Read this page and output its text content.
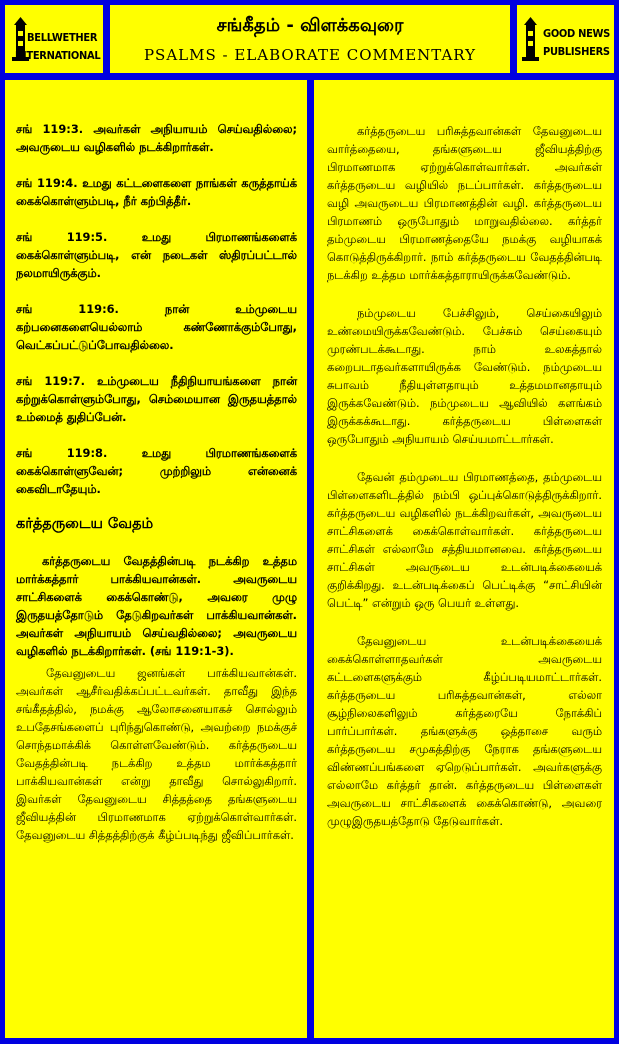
BELLWETHER
INTERNATIONAL
சங்கீதம் - விளக்கவுரை
PSALMS - ELABORATE COMMENTARY
GOOD NEWS
PUBLISHERS

சங் 119:3. அவர்கள் அநியாயம் செய்வதில்லை; அவருடைய வழிகளில் நடக்கிறார்கள்.

சங் 119:4. உமது கட்டளைகளை நாங்கள் கருத்தாய்க் கைக்கொள்ளும்படி, நீர் கற்பித்தீர்.

சங் 119:5. உமது பிரமாணங்களைக் கைக்கொள்ளும்படி, என் நடைகள் ஸ்திரப்பட்டால் நலமாயிருக்கும்.

சங் 119:6. நான் உம்முடைய கற்பனைகளையெல்லாம் கண்ணோக்கும்போது, வெட்கப்பட்டுப்போவதில்லை.

சங் 119:7. உம்முடைய நீதிநியாயங்களை நான் கற்றுக்கொள்ளும்போது, செம்மையான இருதயத்தால் உம்மைத் துதிப்பேன்.

சங் 119:8. உமது பிரமாணங்களைக் கைக்கொள்ளுவேன்; முற்றிலும் என்னைக் கைவிடாதேயும்.

கர்த்தருடைய வேதம்

கர்த்தருடைய வேதத்தின்படி நடக்கிற உத்தம மார்க்கத்தார் பாக்கியவான்கள். அவருடைய சாட்சிகளைக் கைக்கொண்டு, அவரை முழு இருதயத்தோடும் தேடுகிறவர்கள் பாக்கியவான்கள். அவர்கள் அநியாயம் செய்வதில்லை; அவருடைய வழிகளில் நடக்கிறார்கள். (சங் 119:1-3).

தேவனுடைய ஜனங்கள் பாக்கியவான்கள். அவர்கள் ஆசீர்வதிக்கப்பட்டவர்கள். தாவீது இந்த சங்கீதத்தில், நமக்கு ஆலோசனையாகச் சொல்லும் உபதேசங்களைப் புரிந்துகொண்டு, அவற்றை நமக்குச் சொந்தமாக்கிக் கொள்ளவேண்டும். கர்த்தருடைய வேதத்தின்படி நடக்கிற உத்தம மார்க்கத்தார் பாக்கியவான்கள் என்று தாவீது சொல்லுகிறார். இவர்கள் தேவனுடைய சித்தத்தை தங்களுடைய ஜீவியத்தின் பிரமாணமாக ஏற்றுக்கொள்வார்கள். தேவனுடைய சித்தத்திற்குக் கீழ்ப்படிந்து ஜீவிப்பார்கள்.

கர்த்தருடைய பரிசுத்தவான்கள் தேவனுடைய வார்த்தையை, தங்களுடைய ஜீவியத்திற்கு பிரமாணமாக ஏற்றுக்கொள்வார்கள். அவர்கள் கர்த்தருடைய வழியில் நடப்பார்கள். கர்த்தருடைய வழி அவருடைய பிரமாணத்தின் வழி. கர்த்தருடைய பிரமாணம் ஒருபோதும் மாறுவதில்லை. கர்த்தர் தம்முடைய பிரமாணத்தையே நமக்கு வழியாகக் கொடுத்திருக்கிறார். நாம் கர்த்தருடைய வேதத்தின்படி நடக்கிற உத்தம மார்க்கத்தாராயிருக்கவேண்டும்.

நம்முடைய பேச்சிலும், செய்கையிலும் உண்மையிருக்கவேண்டும். பேச்சும் செய்கையும் முரண்படக்கூடாது. நாம் உலகத்தால் கறைபடாதவர்களாயிருக்க வேண்டும். நம்முடைய சுபாவம் நீதியுள்ளதாயும் உத்தமமானதாயும் இருக்கவேண்டும். நம்முடைய ஆவியில் களங்கம் இருக்கக்கூடாது. கர்த்தருடைய பிள்ளைகள் ஒருபோதும் அநியாயம் செய்யமாட்டார்கள்.

தேவன் தம்முடைய பிரமாணத்தை, தம்முடைய பிள்ளைகளிடத்தில் நம்பி ஒப்புக்கொடுத்திருக்கிறார். கர்த்தருடைய வழிகளில் நடக்கிறவர்கள், அவருடைய சாட்சிகளைக் கைக்கொள்வார்கள். கர்த்தருடைய சாட்சிகள் எல்லாமே சத்தியமானவை. கர்த்தருடைய சாட்சிகள் அவருடைய உடன்படிக்கையைக் குறிக்கிறது. உடன்படிக்கைப் பெட்டிக்கு “சாட்சியின் பெட்டி” என்றும் ஒரு பெயர் உள்ளது.

தேவனுடைய உடன்படிக்கையைக் கைக்கொள்ளாதவர்கள் அவருடைய கட்டளைகளுக்கும் கீழ்ப்படியமாட்டார்கள். கர்த்தருடைய பரிசுத்தவான்கள், எல்லா சூழ்நிலைகளிலும் கர்த்தரையே நோக்கிப் பார்ப்பார்கள். தங்களுக்கு ஒத்தாசை வரும் கர்த்தருடைய சமுகத்திற்கு நேராக தங்களுடைய விண்ணப்பங்களை ஏறெடுப்பார்கள். அவர்களுக்கு எல்லாமே கர்த்தர் தான். கர்த்தருடைய பிள்ளைகள் அவருடைய சாட்சிகளைக் கைக்கொண்டு, அவரை முழுஇருதயத்தோடு தேடுவார்கள்.
